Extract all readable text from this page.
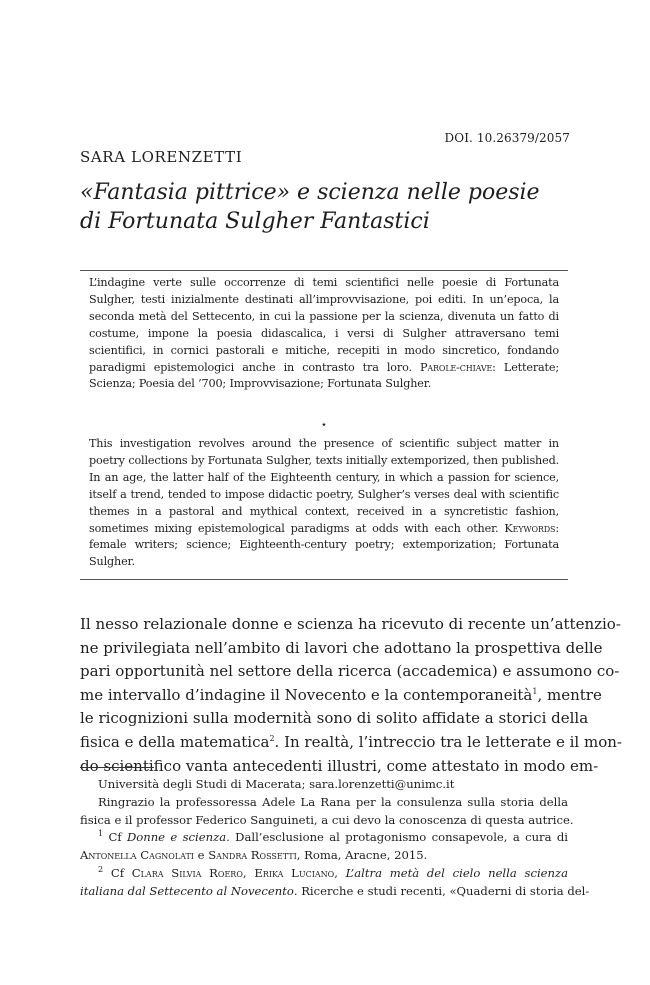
DOI. 10.26379/2057
SARA LORENZETTI
«Fantasia pittrice» e scienza nelle poesie
di Fortunata Sulgher Fantastici

L’indagine verte sulle occorrenze di temi scientifici nelle poesie di Fortunata Sulgher, testi inizialmente destinati all’improvvisazione, poi editi. In un’epoca, la seconda metà del Settecento, in cui la passione per la scienza, divenuta un fatto di costume, impone la poesia didascalica, i versi di Sulgher attraversano temi scientifici, in cornici pastorali e mitiche, recepiti in modo sincretico, fondando paradigmi epistemologici anche in contrasto tra loro. Parole-chiave: Letterate; Scienza; Poesia del ’700; Improvvisazione; Fortunata Sulgher.

⋆

This investigation revolves around the presence of scientific subject matter in poetry collections by Fortunata Sulgher, texts initially extemporized, then published. In an age, the latter half of the Eighteenth century, in which a passion for science, itself a trend, tended to impose didactic poetry, Sulgher’s verses deal with scientific themes in a pastoral and mythical context, received in a syncretistic fashion, sometimes mixing epistemological paradigms at odds with each other. Keywords: female writers; science; Eighteenth-century poetry; extemporization; Fortunata Sulgher.

Il nesso relazionale donne e scienza ha ricevuto di recente un’attenzio-
ne privilegiata nell’ambito di lavori che adottano la prospettiva delle
pari opportunità nel settore della ricerca (accademica) e assumono co-
me intervallo d’indagine il Novecento e la contemporaneità$^1$, mentre
le ricognizioni sulla modernità sono di solito affidate a storici della
fisica e della matematica$^2$. In realtà, l’intreccio tra le letterate e il mon-
do scientifico vanta antecedenti illustri, come attestato in modo em-
Università degli Studi di Macerata; sara.lorenzetti@unimc.it
Ringrazio la professoressa Adele La Rana per la consulenza sulla storia della
fisica e il professor Federico Sanguineti, a cui devo la conoscenza di questa autrice.
$^1$ Cf Donne e scienza. Dall’esclusione al protagonismo consapevole, a cura di
Antonella Cagnolati e Sandra Rossetti, Roma, Aracne, 2015.
$^2$ Cf Clara Silvia Roero, Erika Luciano, L’altra metà del cielo nella scienza
italiana dal Settecento al Novecento. Ricerche e studi recenti, «Quaderni di storia del-
